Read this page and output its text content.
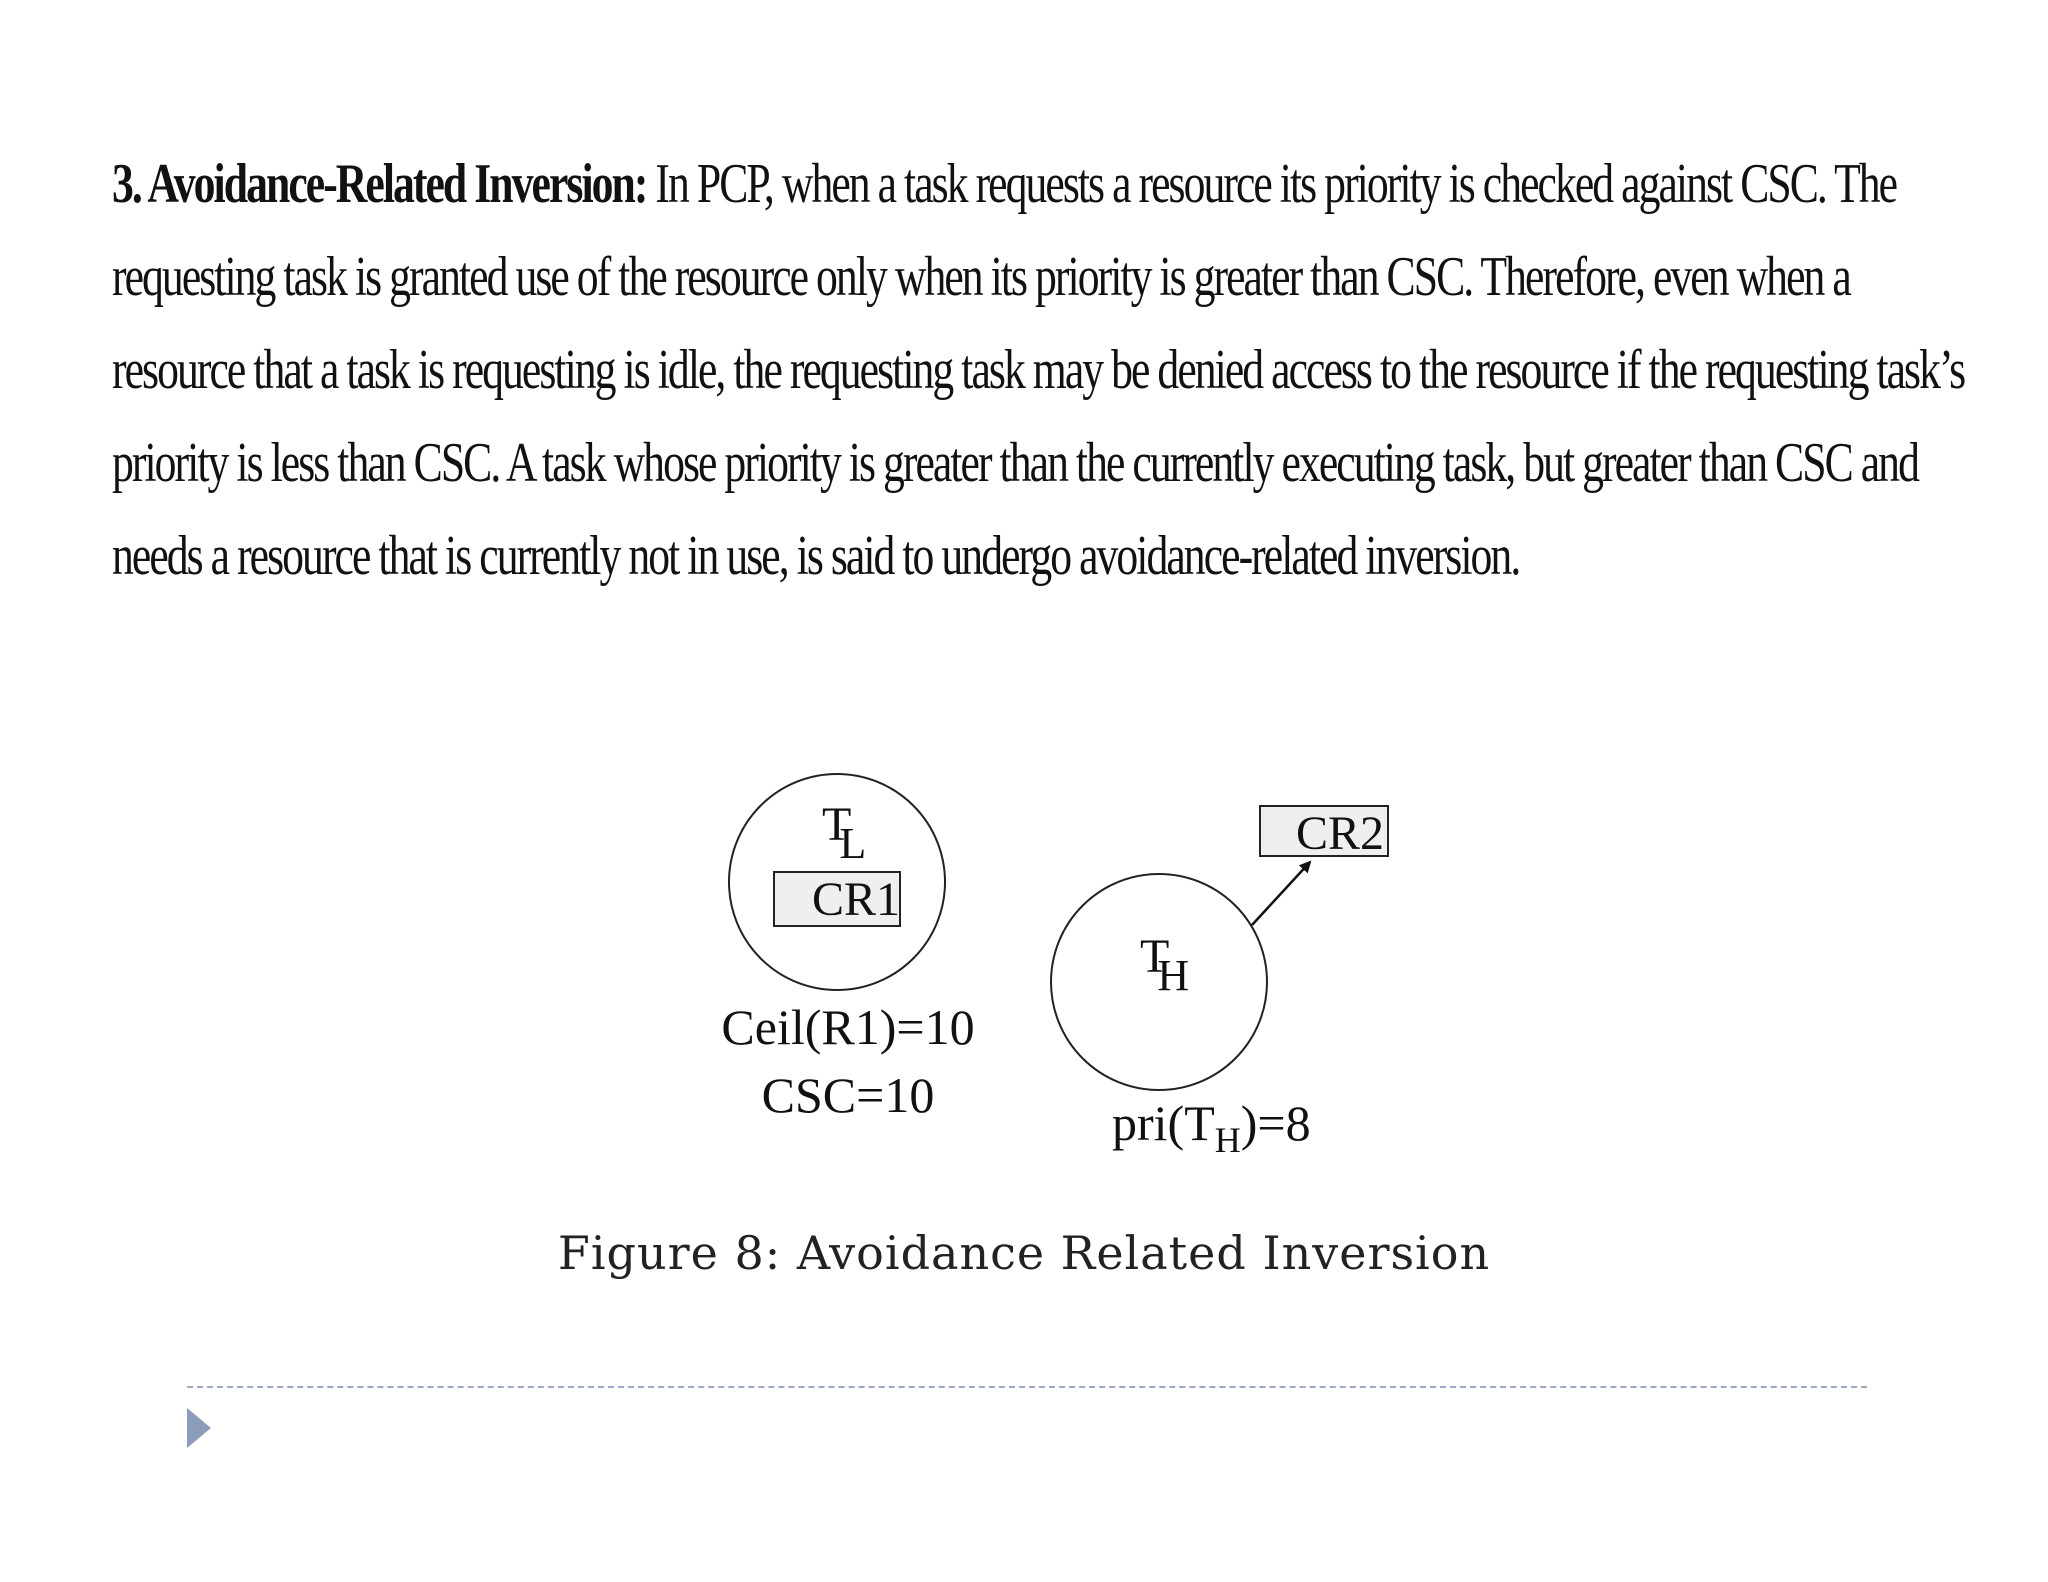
3. Avoidance-Related Inversion: In PCP, when a task requests a resource its priority is checked against CSC. The requesting task is granted use of the resource only when its priority is greater than CSC. Therefore, even when a resource that a task is requesting is idle, the requesting task may be denied access to the resource if the requesting task’s priority is less than CSC. A task whose priority is greater than the currently executing task, but greater than CSC and needs a resource that is currently not in use, is said to undergo avoidance-related inversion.
TL
CR1
Ceil(R1)=10
CSC=10
TH
CR2
$pri(T_H)=8$
Figure 8: Avoidance Related Inversion
